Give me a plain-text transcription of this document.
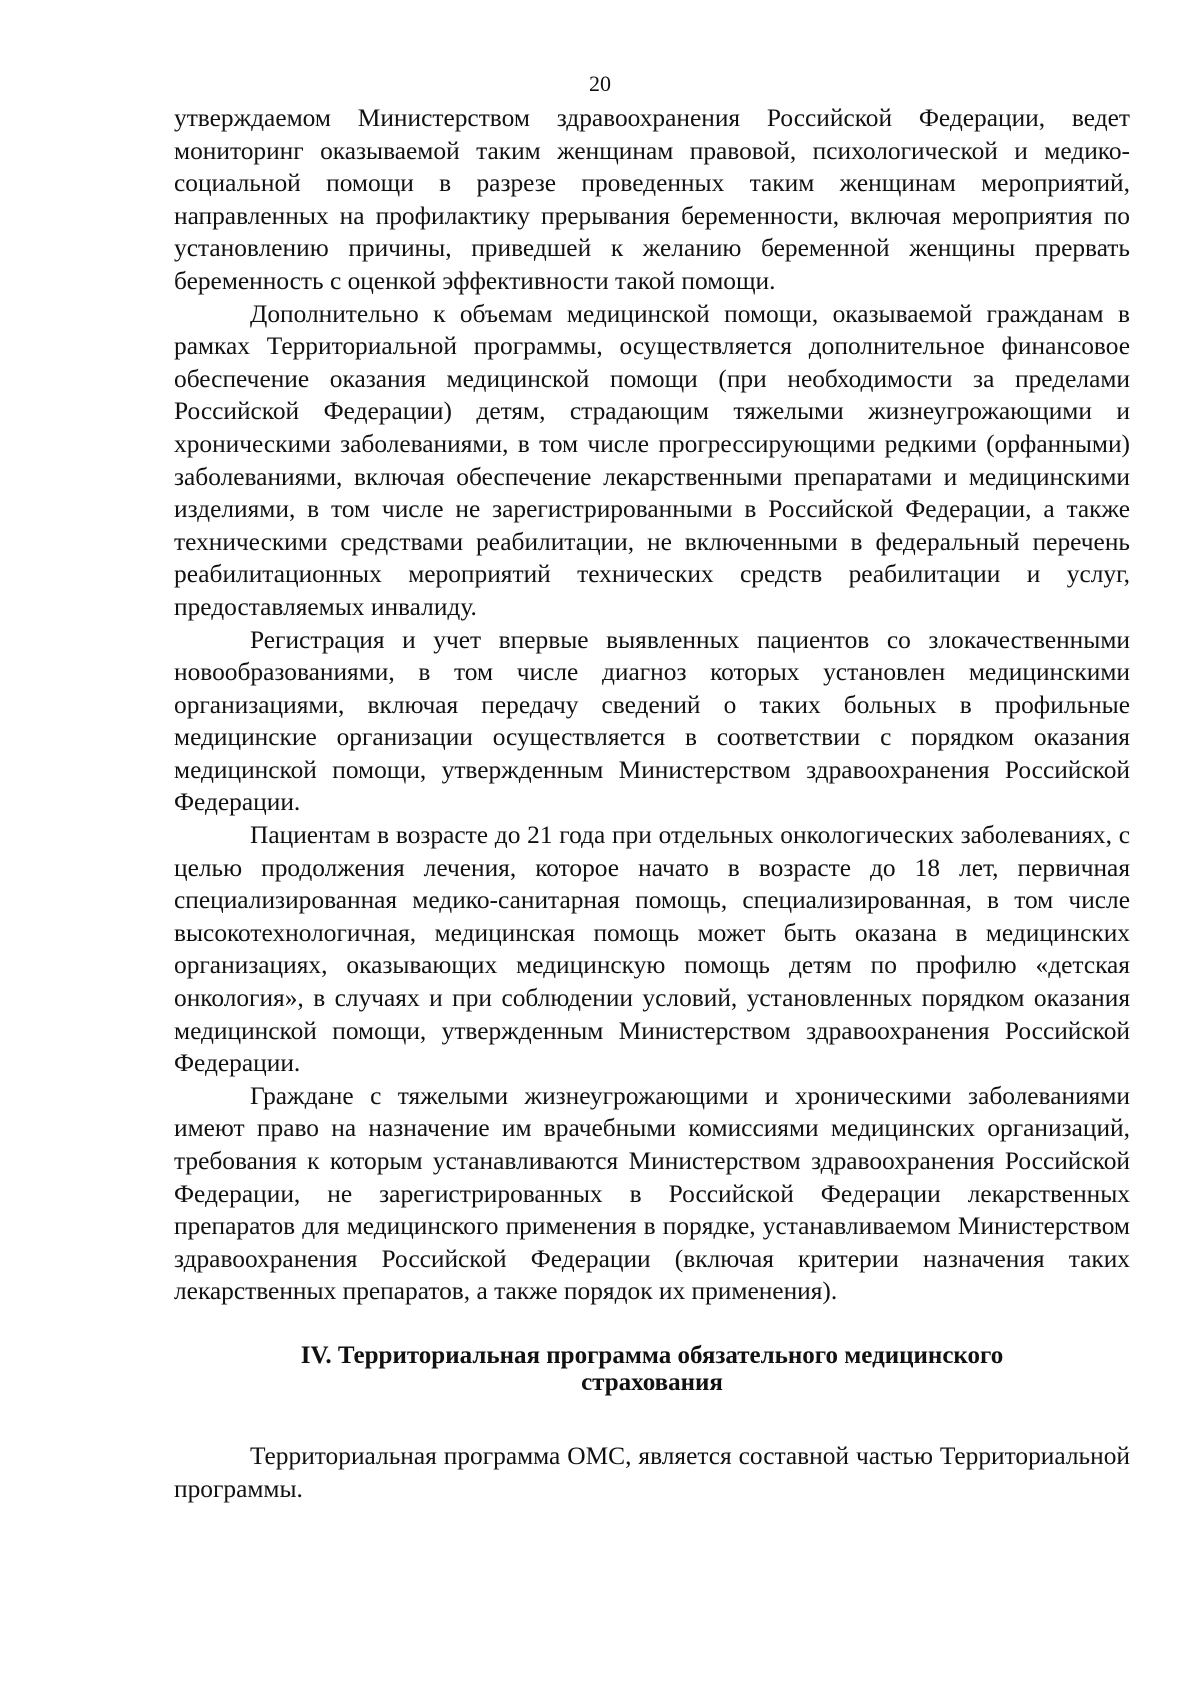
20

утверждаемом Министерством здравоохранения Российской Федерации, ведет мониторинг оказываемой таким женщинам правовой, психологической и медико-социальной помощи в разрезе проведенных таким женщинам мероприятий, направленных на профилактику прерывания беременности, включая мероприятия по установлению причины, приведшей к желанию беременной женщины прервать беременность с оценкой эффективности такой помощи.

Дополнительно к объемам медицинской помощи, оказываемой гражданам в рамках Территориальной программы, осуществляется дополнительное финансовое обеспечение оказания медицинской помощи (при необходимости за пределами Российской Федерации) детям, страдающим тяжелыми жизнеугрожающими и хроническими заболеваниями, в том числе прогрессирующими редкими (орфанными) заболеваниями, включая обеспечение лекарственными препаратами и медицинскими изделиями, в том числе не зарегистрированными в Российской Федерации, а также техническими средствами реабилитации, не включенными в федеральный перечень реабилитационных мероприятий технических средств реабилитации и услуг, предоставляемых инвалиду.

Регистрация и учет впервые выявленных пациентов со злокачественными новообразованиями, в том числе диагноз которых установлен медицинскими организациями, включая передачу сведений о таких больных в профильные медицинские организации осуществляется в соответствии с порядком оказания медицинской помощи, утвержденным Министерством здравоохранения Российской Федерации.

Пациентам в возрасте до 21 года при отдельных онкологических заболеваниях, с целью продолжения лечения, которое начато в возрасте до 18 лет, первичная специализированная медико-санитарная помощь, специализированная, в том числе высокотехнологичная, медицинская помощь может быть оказана в медицинских организациях, оказывающих медицинскую помощь детям по профилю «детская онкология», в случаях и при соблюдении условий, установленных порядком оказания медицинской помощи, утвержденным Министерством здравоохранения Российской Федерации.

Граждане с тяжелыми жизнеугрожающими и хроническими заболеваниями имеют право на назначение им врачебными комиссиями медицинских организаций, требования к которым устанавливаются Министерством здравоохранения Российской Федерации, не зарегистрированных в Российской Федерации лекарственных препаратов для медицинского применения в порядке, устанавливаемом Министерством здравоохранения Российской Федерации (включая критерии назначения таких лекарственных препаратов, а также порядок их применения).

IV. Территориальная программа обязательного медицинского
страхования

Территориальная программа ОМС, является составной частью Территориальной программы.
